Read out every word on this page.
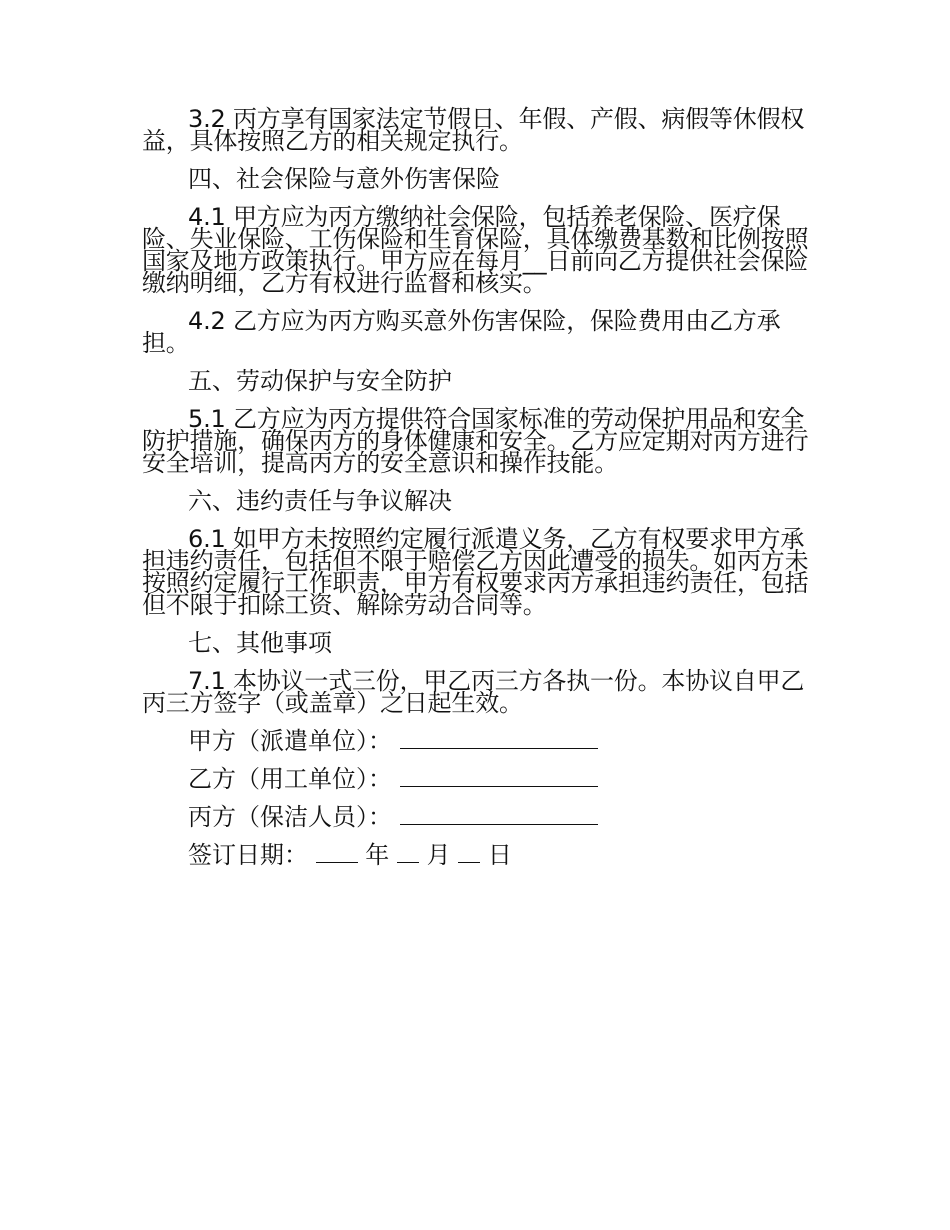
3.2 丙方享有国家法定节假日、年假、产假、病假等休假权益，具体按照乙方的相关规定执行。

四、社会保险与意外伤害保险

4.1 甲方应为丙方缴纳社会保险，包括养老保险、医疗保险、失业保险、工伤保险和生育保险，具体缴费基数和比例按照国家及地方政策执行。甲方应在每月__日前向乙方提供社会保险缴纳明细，乙方有权进行监督和核实。

4.2 乙方应为丙方购买意外伤害保险，保险费用由乙方承担。

五、劳动保护与安全防护

5.1 乙方应为丙方提供符合国家标准的劳动保护用品和安全防护措施，确保丙方的身体健康和安全。乙方应定期对丙方进行安全培训，提高丙方的安全意识和操作技能。

六、违约责任与争议解决

6.1 如甲方未按照约定履行派遣义务，乙方有权要求甲方承担违约责任，包括但不限于赔偿乙方因此遭受的损失。如丙方未按照约定履行工作职责，甲方有权要求丙方承担违约责任，包括但不限于扣除工资、解除劳动合同等。

七、其他事项

7.1 本协议一式三份，甲乙丙三方各执一份。本协议自甲乙丙三方签字（或盖章）之日起生效。

甲方（派遣单位）：
乙方（用工单位）：
丙方（保洁人员）：
签订日期： 年 月 日
